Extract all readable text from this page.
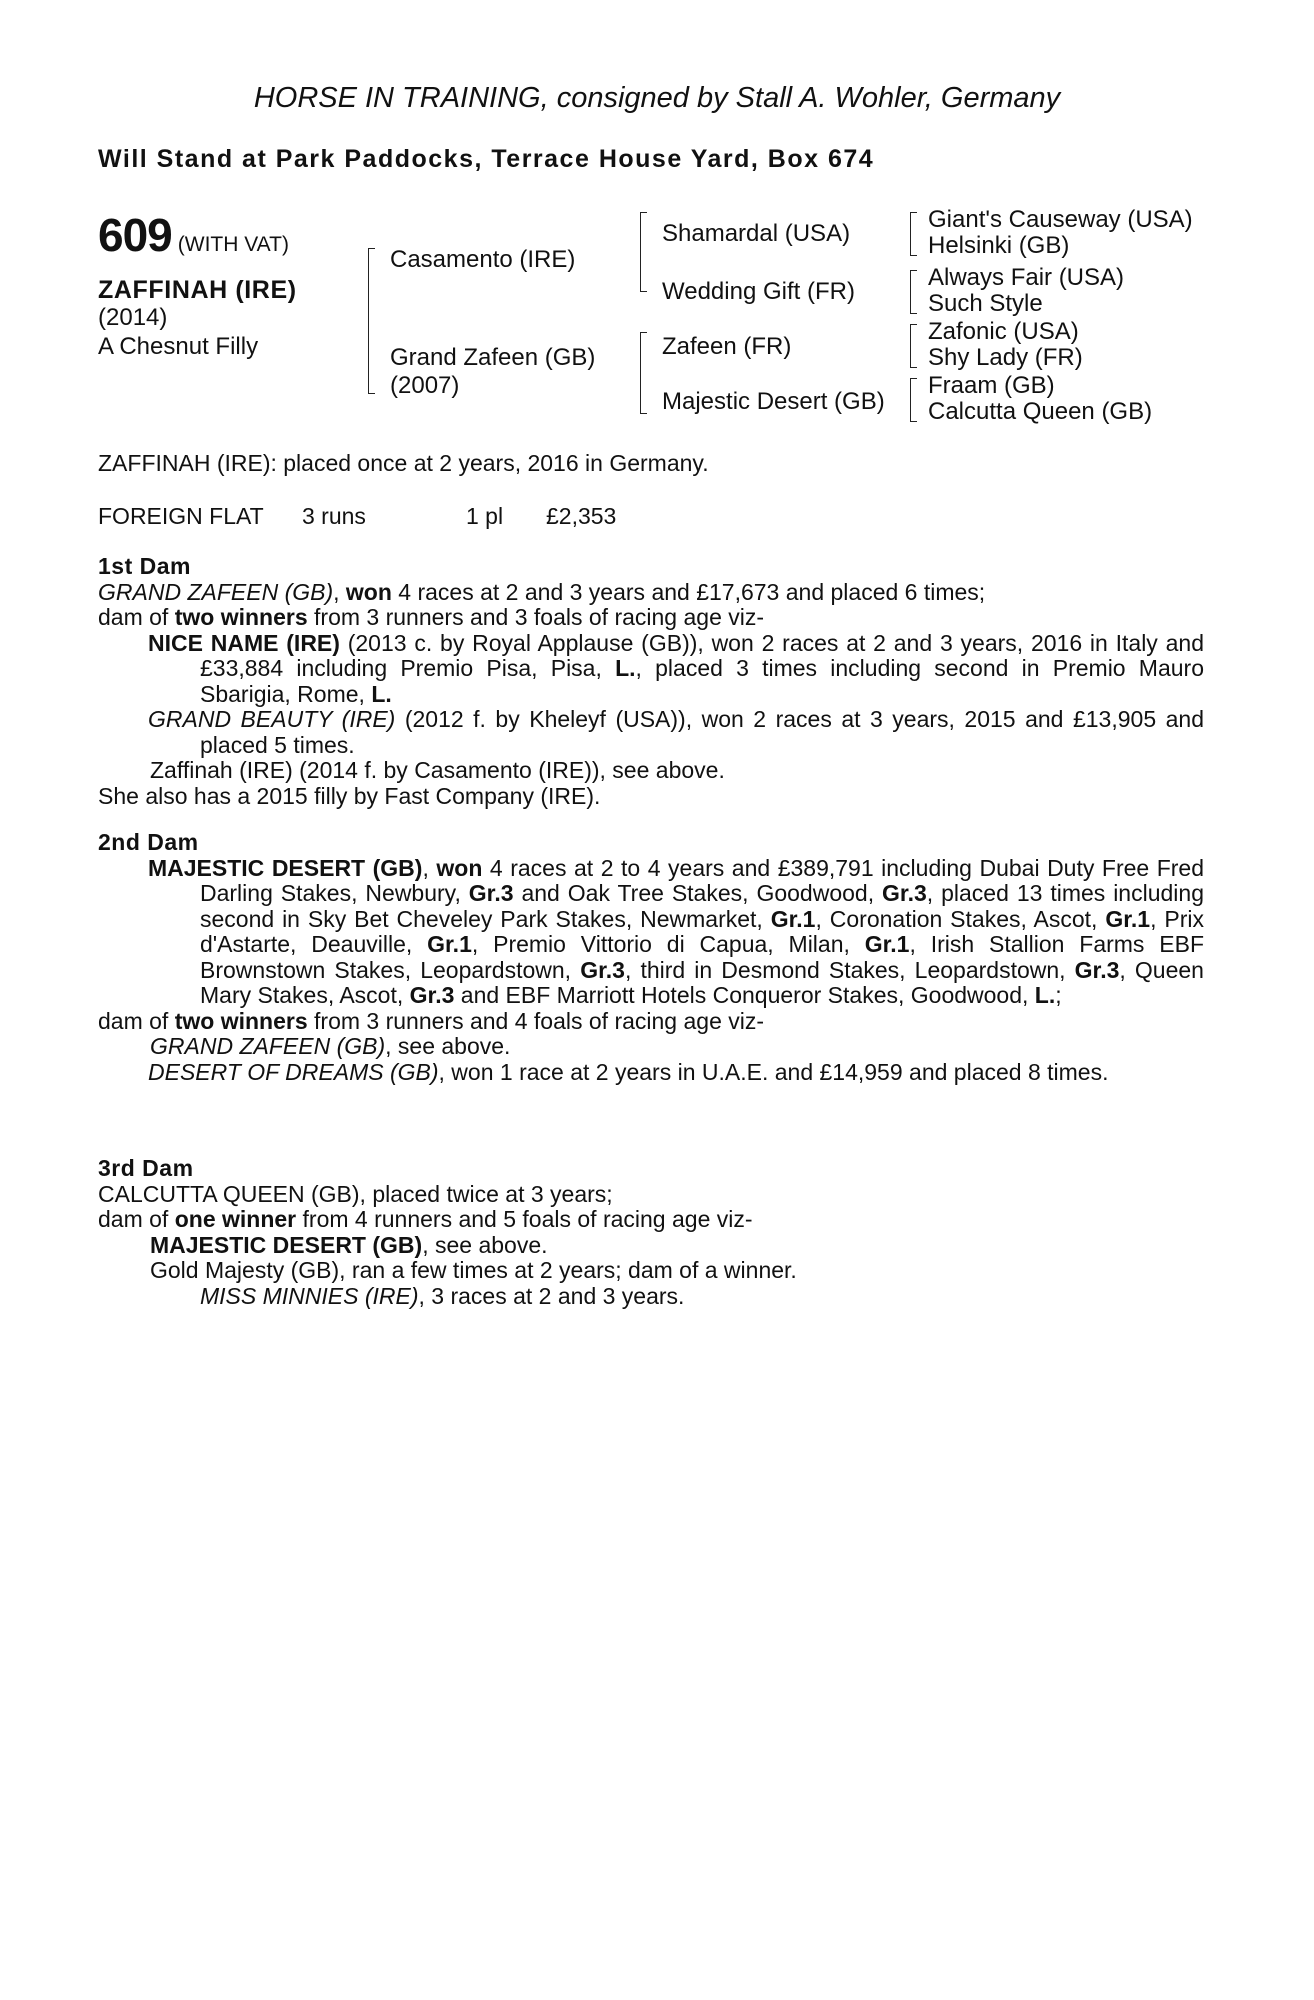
HORSE IN TRAINING, consigned by Stall A. Wohler, Germany
Will Stand at Park Paddocks, Terrace House Yard, Box 674
609 (WITH VAT)
ZAFFINAH (IRE)
(2014)
A Chesnut Filly
Casamento (IRE)
Grand Zafeen (GB)
(2007)
Shamardal (USA)
Wedding Gift (FR)
Zafeen (FR)
Majestic Desert (GB)
Giant's Causeway (USA)
Helsinki (GB)
Always Fair (USA)
Such Style
Zafonic (USA)
Shy Lady (FR)
Fraam (GB)
Calcutta Queen (GB)
ZAFFINAH (IRE): placed once at 2 years, 2016 in Germany.
FOREIGN FLAT 3 runs	1 pl £2,353

1st Dam

GRAND ZAFEEN (GB), won 4 races at 2 and 3 years and £17,673 and placed 6 times;

dam of two winners from 3 runners and 3 foals of racing age viz-

NICE NAME (IRE) (2013 c. by Royal Applause (GB)), won 2 races at 2 and 3 years, 2016 in Italy and £33,884 including Premio Pisa, Pisa, L., placed 3 times including second in Premio Mauro Sbarigia, Rome, L.

GRAND BEAUTY (IRE) (2012 f. by Kheleyf (USA)), won 2 races at 3 years, 2015 and £13,905 and placed 5 times.

Zaffinah (IRE) (2014 f. by Casamento (IRE)), see above.

She also has a 2015 filly by Fast Company (IRE).

2nd Dam

MAJESTIC DESERT (GB), won 4 races at 2 to 4 years and £389,791 including Dubai Duty Free Fred Darling Stakes, Newbury, Gr.3 and Oak Tree Stakes, Goodwood, Gr.3, placed 13 times including second in Sky Bet Cheveley Park Stakes, Newmarket, Gr.1, Coronation Stakes, Ascot, Gr.1, Prix d'Astarte, Deauville, Gr.1, Premio Vittorio di Capua, Milan, Gr.1, Irish Stallion Farms EBF Brownstown Stakes, Leopardstown, Gr.3, third in Desmond Stakes, Leopardstown, Gr.3, Queen Mary Stakes, Ascot, Gr.3 and EBF Marriott Hotels Conqueror Stakes, Goodwood, L.;

dam of two winners from 3 runners and 4 foals of racing age viz-

GRAND ZAFEEN (GB), see above.

DESERT OF DREAMS (GB), won 1 race at 2 years in U.A.E. and £14,959 and placed 8 times.

3rd Dam

CALCUTTA QUEEN (GB), placed twice at 3 years;

dam of one winner from 4 runners and 5 foals of racing age viz-

MAJESTIC DESERT (GB), see above.

Gold Majesty (GB), ran a few times at 2 years; dam of a winner.

MISS MINNIES (IRE), 3 races at 2 and 3 years.
